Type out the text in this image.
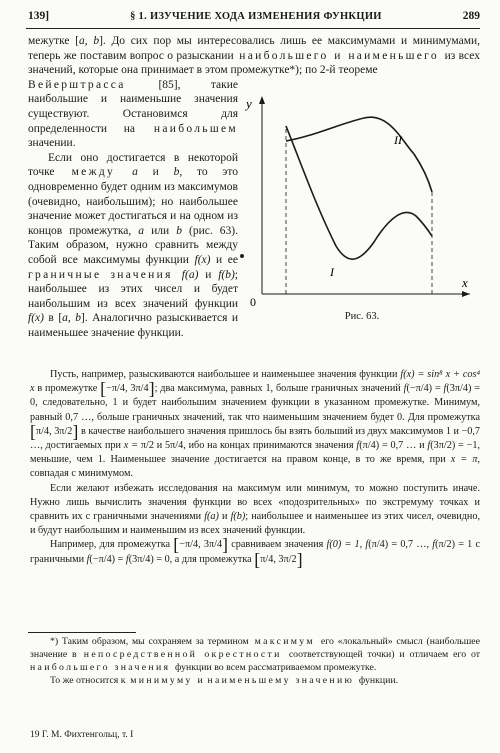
139]	§ 1. ИЗУЧЕНИЕ ХОДА ИЗМЕНЕНИЯ ФУНКЦИИ	289

межутке [a, b]. До сих пор мы интересовались лишь ее максимумами и минимумами, теперь же поставим вопрос о разыскании наибольшего и наименьшего из всех значений, которые она принимает в этом промежутке*); по 2-й теореме

y
x
0
I
II
Рис. 63.

Вейерштрасса [85], такие наибольшие и наименьшие значения существуют. Остановимся для определенности на наибольшем значении.

Если оно достигается в некоторой точке между a и b, то это одновременно будет одним из максимумов (очевидно, наибольшим); но наибольшее значение может достигаться и на одном из концов промежутка, a или b (рис. 63). Таким образом, нужно сравнить между собой все максимумы функции f(x) и ее граничные значения f(a) и f(b); наибольшее из этих чисел и будет наибольшим из всех значений функции f(x) в [a, b]. Аналогично разыскивается и наименьшее значение функции.

Пусть, например, разыскиваются наибольшее и наименьшее значения функции f(x) = sin⁸ x + cos⁴ x в промежутке [−π/4, 3π/4]; два максимума, равных 1, больше граничных значений f(−π/4) = f(3π/4) = 0, следовательно, 1 и будет наибольшим значением функции в указанном промежутке. Минимум, равный 0,7 …, больше граничных значений, так что наименьшим значением будет 0. Для промежутка [π/4, 3π/2] в качестве наибольшего значения пришлось бы взять больший из двух максимумов 1 и −0,7 …, достигаемых при x = π/2 и 5π/4, ибо на концах принимаются значения f(π/4) = 0,7 … и f(3π/2) = −1, меньшие, чем 1. Наименьшее значение достигается на правом конце, в то же время, при x = π, совпадая с минимумом.

Если желают избежать исследования на максимум или минимум, то можно поступить иначе. Нужно лишь вычислить значения функции во всех «подозрительных» по экстремуму точках и сравнить их с граничными значениями f(a) и f(b); наибольшее и наименьшее из этих чисел, очевидно, и будут наибольшим и наименьшим из всех значений функции.

Например, для промежутка [−π/4, 3π/4] сравниваем значения f(0) = 1, f(π/4) = 0,7 …, f(π/2) = 1 с граничными f(−π/4) = f(3π/4) = 0, а для промежутка [π/4, 3π/2]

*) Таким образом, мы сохраняем за термином максимум его «локальный» смысл (наибольшее значение в непосредственной окрестности соответствующей точки) и отличаем его от наибольшего значения функции во всем рассматриваемом промежутке.

То же относится к минимуму и наименьшему значению функции.

19 Г. М. Фихтенгольц, т. I
